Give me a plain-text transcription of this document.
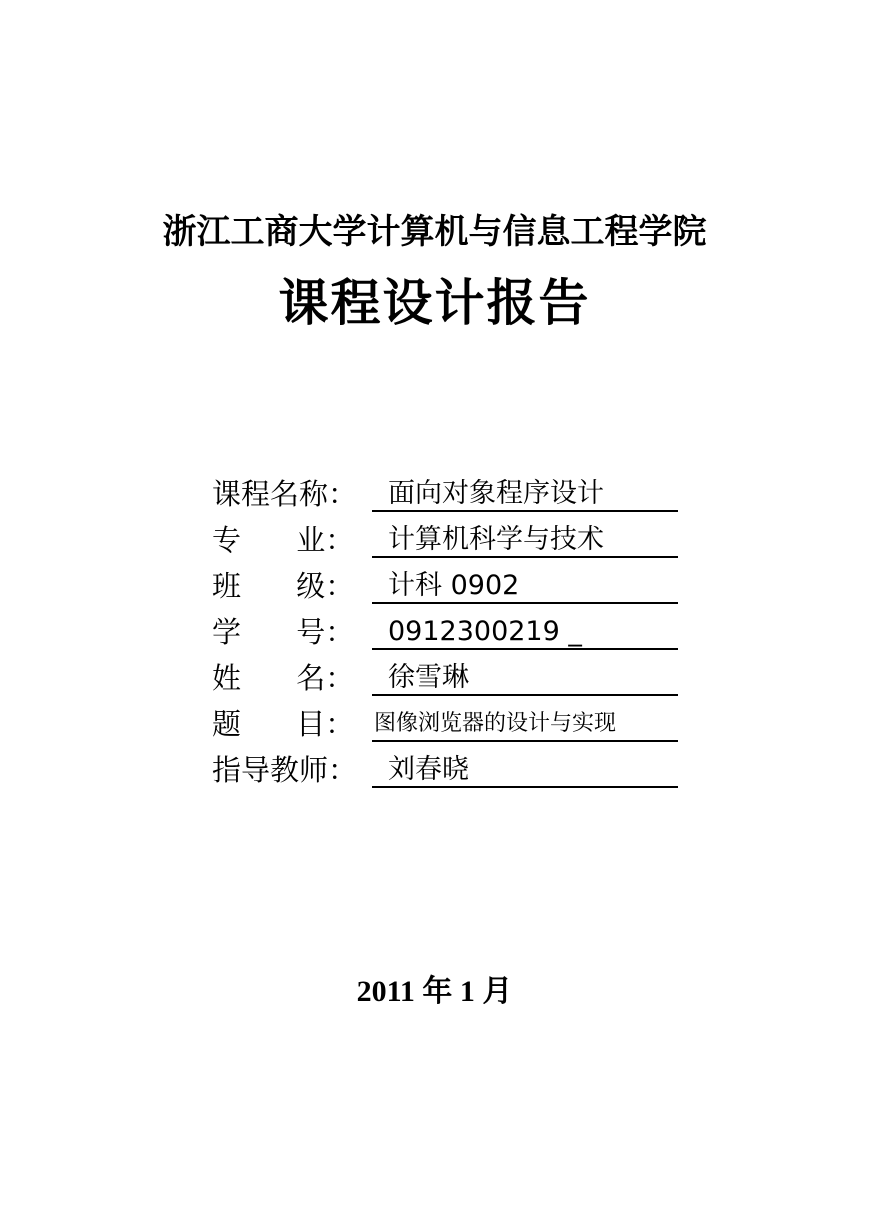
浙江工商大学计算机与信息工程学院
课程设计报告
课程名称：	面向对象程序设计
专      业：	计算机科学与技术
班      级：	计科 0902
学      号：	0912300219 _
姓      名：	徐雪琳
题      目： 图像浏览器的设计与实现
指导教师：	刘春晓
2011 年 1 月
